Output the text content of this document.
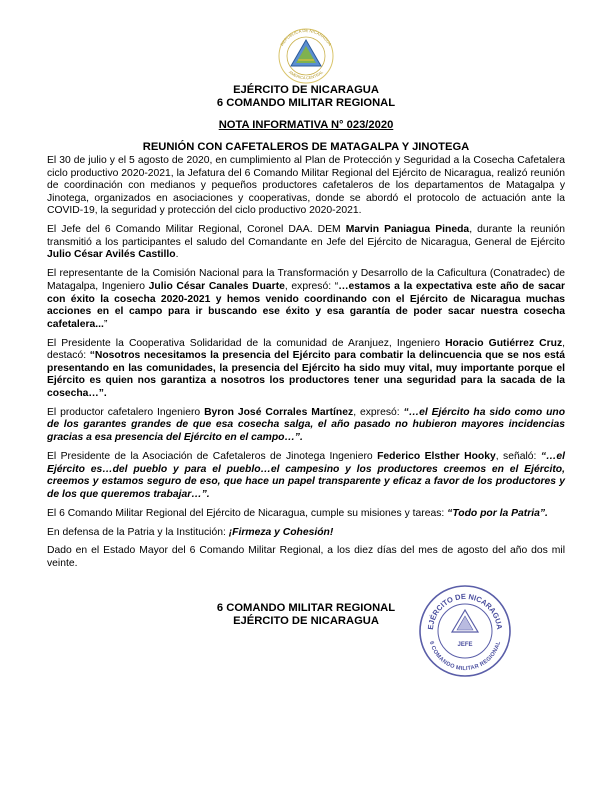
REPUBLICA DE NICARAGUA
AMERICA CENTRAL
EJÉRCITO DE NICARAGUA
6 COMANDO MILITAR REGIONAL
NOTA INFORMATIVA N° 023/2020
REUNIÓN CON CAFETALEROS DE MATAGALPA Y JINOTEGA

El 30 de julio y el 5 agosto de 2020, en cumplimiento al Plan de Protección y Seguridad a la Cosecha Cafetalera ciclo productivo 2020-2021, la Jefatura del 6 Comando Militar Regional del Ejército de Nicaragua, realizó reunión de coordinación con medianos y pequeños productores cafetaleros de los departamentos de Matagalpa y Jinotega, organizados en asociaciones y cooperativas, donde se abordó el protocolo de actuación ante la COVID-19, la seguridad y protección del ciclo productivo 2020-2021.

El Jefe del 6 Comando Militar Regional, Coronel DAA. DEM Marvin Paniagua Pineda, durante la reunión transmitió a los participantes el saludo del Comandante en Jefe del Ejército de Nicaragua, General de Ejército Julio César Avilés Castillo.

El representante de la Comisión Nacional para la Transformación y Desarrollo de la Caficultura (Conatradec) de Matagalpa, Ingeniero Julio César Canales Duarte, expresó: “…estamos a la expectativa este año de sacar con éxito la cosecha 2020-2021 y hemos venido coordinando con el Ejército de Nicaragua muchas acciones en el campo para ir buscando ese éxito y esa garantía de poder sacar nuestra cosecha cafetalera...”

El Presidente la Cooperativa Solidaridad de la comunidad de Aranjuez, Ingeniero Horacio Gutiérrez Cruz, destacó: “Nosotros necesitamos la presencia del Ejército para combatir la delincuencia que se nos está presentando en las comunidades, la presencia del Ejército ha sido muy vital, muy importante porque el Ejército es quien nos garantiza a nosotros los productores tener una seguridad para la sacada de la cosecha…”.

El productor cafetalero Ingeniero Byron José Corrales Martínez, expresó: “…el Ejército ha sido como uno de los garantes grandes de que esa cosecha salga, el año pasado no hubieron mayores incidencias gracias a esa presencia del Ejército en el campo…”.

El Presidente de la Asociación de Cafetaleros de Jinotega Ingeniero Federico Elsther Hooky, señaló: “…el Ejército es…del pueblo y para el pueblo…el campesino y los productores creemos en el Ejército, creemos y estamos seguro de eso, que hace un papel transparente y eficaz a favor de los productores y de los que queremos trabajar…”.

El 6 Comando Militar Regional del Ejército de Nicaragua, cumple su misiones y tareas: “Todo por la Patria”.

En defensa de la Patria y la Institución: ¡Firmeza y Cohesión!

Dado en el Estado Mayor del 6 Comando Militar Regional, a los diez días del mes de agosto del año dos mil veinte.

6 COMANDO MILITAR REGIONAL
EJÉRCITO DE NICARAGUA
EJÉRCITO DE NICARAGUA
6 COMANDO MILITAR REGIONAL
JEFE
